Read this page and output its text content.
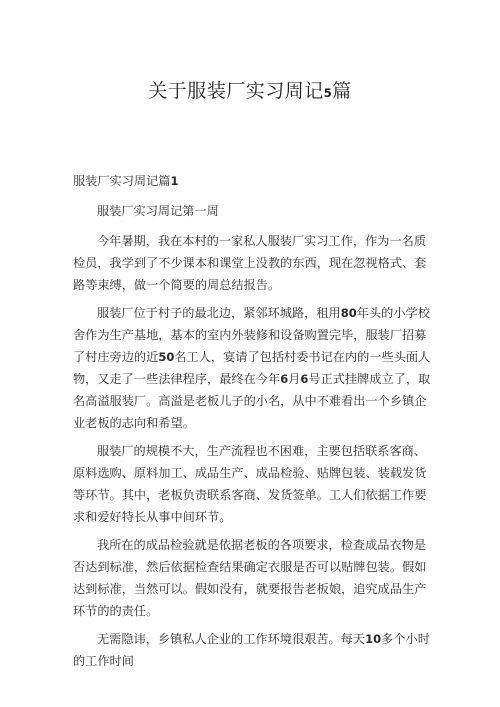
关于服装厂实习周记5篇

服装厂实习周记篇1

服装厂实习周记第一周

今年暑期，我在本村的一家私人服装厂实习工作，作为一名质检员，我学到了不少课本和课堂上没教的东西，现在忽视格式、套路等束缚，做一个简要的周总结报告。

服装厂位于村子的最北边，紧邻环城路，租用80年头的小学校舍作为生产基地，基本的室内外装修和设备购置完毕，服装厂招募了村庄旁边的近50名工人，宴请了包括村委书记在内的一些头面人物，又走了一些法律程序，最终在今年6月6号正式挂牌成立了，取名高溢服装厂。高溢是老板儿子的小名，从中不难看出一个乡镇企业老板的志向和希望。

服装厂的规模不大，生产流程也不困难，主要包括联系客商、原料选购、原料加工、成品生产、成品检验、贴牌包装、装载发货等环节。其中，老板负责联系客商、发货签单。工人们依据工作要求和爱好特长从事中间环节。

我所在的成品检验就是依据老板的各项要求，检查成品衣物是否达到标准，然后依据检查结果确定衣服是否可以贴牌包装。假如达到标准，当然可以。假如没有，就要报告老板娘，追究成品生产环节的的责任。

无需隐讳，乡镇私人企业的工作环境很艰苦。每天10多个小时的工作时间
